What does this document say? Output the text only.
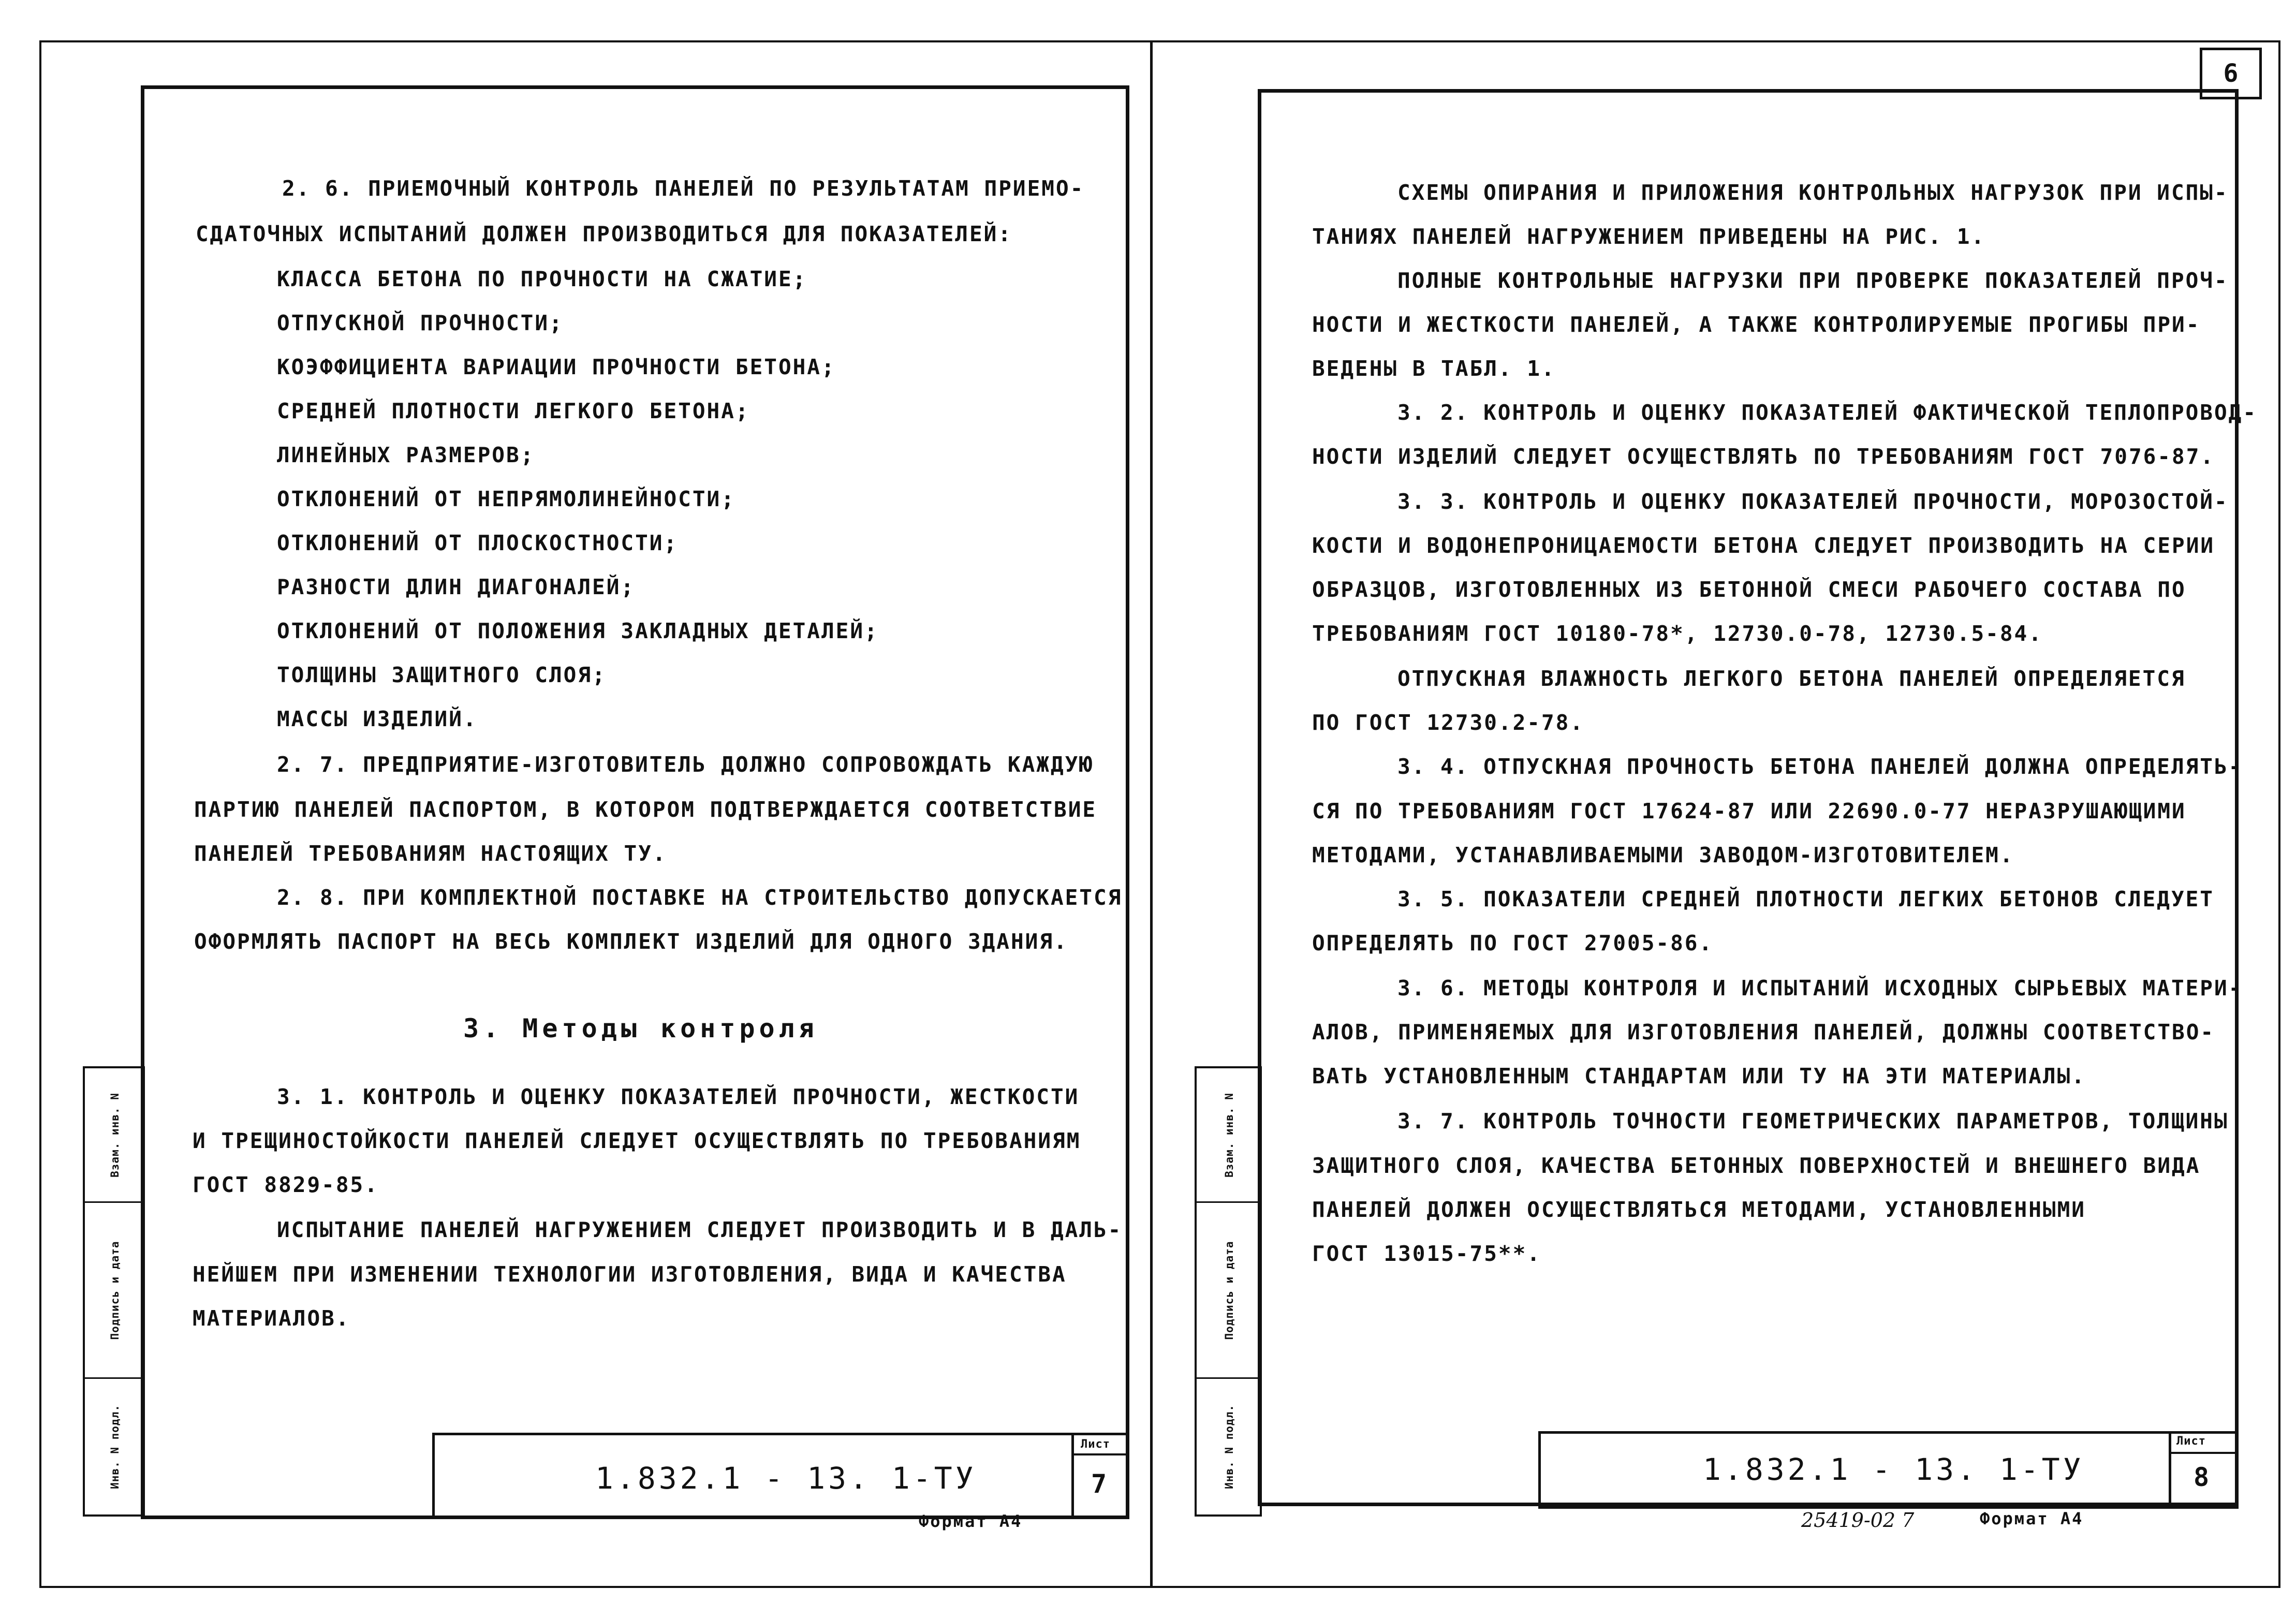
6
Взам. инв. N
Подпись и дата
Инв. N подл.
2. 6. ПРИЕМОЧНЫЙ КОНТРОЛЬ ПАНЕЛЕЙ ПО РЕЗУЛЬТАТАМ ПРИЕМО-
СДАТОЧНЫХ ИСПЫТАНИЙ ДОЛЖЕН ПРОИЗВОДИТЬСЯ ДЛЯ ПОКАЗАТЕЛЕЙ:
КЛАССА БЕТОНА ПО ПРОЧНОСТИ НА СЖАТИЕ;
ОТПУСКНОЙ ПРОЧНОСТИ;
КОЭФФИЦИЕНТА ВАРИАЦИИ ПРОЧНОСТИ БЕТОНА;
СРЕДНЕЙ ПЛОТНОСТИ ЛЕГКОГО БЕТОНА;
ЛИНЕЙНЫХ РАЗМЕРОВ;
ОТКЛОНЕНИЙ ОТ НЕПРЯМОЛИНЕЙНОСТИ;
ОТКЛОНЕНИЙ ОТ ПЛОСКОСТНОСТИ;
РАЗНОСТИ ДЛИН ДИАГОНАЛЕЙ;
ОТКЛОНЕНИЙ ОТ ПОЛОЖЕНИЯ ЗАКЛАДНЫХ ДЕТАЛЕЙ;
ТОЛЩИНЫ ЗАЩИТНОГО СЛОЯ;
МАССЫ ИЗДЕЛИЙ.
2. 7. ПРЕДПРИЯТИЕ-ИЗГОТОВИТЕЛЬ ДОЛЖНО СОПРОВОЖДАТЬ КАЖДУЮ
ПАРТИЮ ПАНЕЛЕЙ ПАСПОРТОМ, В КОТОРОМ ПОДТВЕРЖДАЕТСЯ СООТВЕТСТВИЕ
ПАНЕЛЕЙ ТРЕБОВАНИЯМ НАСТОЯЩИХ ТУ.
2. 8. ПРИ КОМПЛЕКТНОЙ ПОСТАВКЕ НА СТРОИТЕЛЬСТВО ДОПУСКАЕТСЯ
ОФОРМЛЯТЬ ПАСПОРТ НА ВЕСЬ КОМПЛЕКТ ИЗДЕЛИЙ ДЛЯ ОДНОГО ЗДАНИЯ.
3. Методы контроля
3. 1. КОНТРОЛЬ И ОЦЕНКУ ПОКАЗАТЕЛЕЙ ПРОЧНОСТИ, ЖЕСТКОСТИ
И ТРЕЩИНОСТОЙКОСТИ ПАНЕЛЕЙ СЛЕДУЕТ ОСУЩЕСТВЛЯТЬ ПО ТРЕБОВАНИЯМ
ГОСТ 8829-85.
ИСПЫТАНИЕ ПАНЕЛЕЙ НАГРУЖЕНИЕМ СЛЕДУЕТ ПРОИЗВОДИТЬ И В ДАЛЬ-
НЕЙШЕМ ПРИ ИЗМЕНЕНИИ ТЕХНОЛОГИИ ИЗГОТОВЛЕНИЯ, ВИДА И КАЧЕСТВА
МАТЕРИАЛОВ.
1.832.1 - 13. 1-ТУ
Лист
7
Формат А4
Взам. инв. N
Подпись и дата
Инв. N подл.
СХЕМЫ ОПИРАНИЯ И ПРИЛОЖЕНИЯ КОНТРОЛЬНЫХ НАГРУЗОК ПРИ ИСПЫ-
ТАНИЯХ ПАНЕЛЕЙ НАГРУЖЕНИЕМ ПРИВЕДЕНЫ НА РИС. 1.
ПОЛНЫЕ КОНТРОЛЬНЫЕ НАГРУЗКИ ПРИ ПРОВЕРКЕ ПОКАЗАТЕЛЕЙ ПРОЧ-
НОСТИ И ЖЕСТКОСТИ ПАНЕЛЕЙ, А ТАКЖЕ КОНТРОЛИРУЕМЫЕ ПРОГИБЫ ПРИ-
ВЕДЕНЫ В ТАБЛ. 1.
3. 2. КОНТРОЛЬ И ОЦЕНКУ ПОКАЗАТЕЛЕЙ ФАКТИЧЕСКОЙ ТЕПЛОПРОВОД-
НОСТИ ИЗДЕЛИЙ СЛЕДУЕТ ОСУЩЕСТВЛЯТЬ ПО ТРЕБОВАНИЯМ ГОСТ 7076-87.
3. 3. КОНТРОЛЬ И ОЦЕНКУ ПОКАЗАТЕЛЕЙ ПРОЧНОСТИ, МОРОЗОСТОЙ-
КОСТИ И ВОДОНЕПРОНИЦАЕМОСТИ БЕТОНА СЛЕДУЕТ ПРОИЗВОДИТЬ НА СЕРИИ
ОБРАЗЦОВ, ИЗГОТОВЛЕННЫХ ИЗ БЕТОННОЙ СМЕСИ РАБОЧЕГО СОСТАВА ПО
ТРЕБОВАНИЯМ ГОСТ 10180-78*, 12730.0-78, 12730.5-84.
ОТПУСКНАЯ ВЛАЖНОСТЬ ЛЕГКОГО БЕТОНА ПАНЕЛЕЙ ОПРЕДЕЛЯЕТСЯ
ПО ГОСТ 12730.2-78.
3. 4. ОТПУСКНАЯ ПРОЧНОСТЬ БЕТОНА ПАНЕЛЕЙ ДОЛЖНА ОПРЕДЕЛЯТЬ-
СЯ ПО ТРЕБОВАНИЯМ ГОСТ 17624-87 ИЛИ 22690.0-77 НЕРАЗРУШАЮЩИМИ
МЕТОДАМИ, УСТАНАВЛИВАЕМЫМИ ЗАВОДОМ-ИЗГОТОВИТЕЛЕМ.
3. 5. ПОКАЗАТЕЛИ СРЕДНЕЙ ПЛОТНОСТИ ЛЕГКИХ БЕТОНОВ СЛЕДУЕТ
ОПРЕДЕЛЯТЬ ПО ГОСТ 27005-86.
3. 6. МЕТОДЫ КОНТРОЛЯ И ИСПЫТАНИЙ ИСХОДНЫХ СЫРЬЕВЫХ МАТЕРИ-
АЛОВ, ПРИМЕНЯЕМЫХ ДЛЯ ИЗГОТОВЛЕНИЯ ПАНЕЛЕЙ, ДОЛЖНЫ СООТВЕТСТВО-
ВАТЬ УСТАНОВЛЕННЫМ СТАНДАРТАМ ИЛИ ТУ НА ЭТИ МАТЕРИАЛЫ.
3. 7. КОНТРОЛЬ ТОЧНОСТИ ГЕОМЕТРИЧЕСКИХ ПАРАМЕТРОВ, ТОЛЩИНЫ
ЗАЩИТНОГО СЛОЯ, КАЧЕСТВА БЕТОННЫХ ПОВЕРХНОСТЕЙ И ВНЕШНЕГО ВИДА
ПАНЕЛЕЙ ДОЛЖЕН ОСУЩЕСТВЛЯТЬСЯ МЕТОДАМИ, УСТАНОВЛЕННЫМИ
ГОСТ 13015-75**.
1.832.1 - 13. 1-ТУ
Лист
8
25419-02 7	Формат А4
